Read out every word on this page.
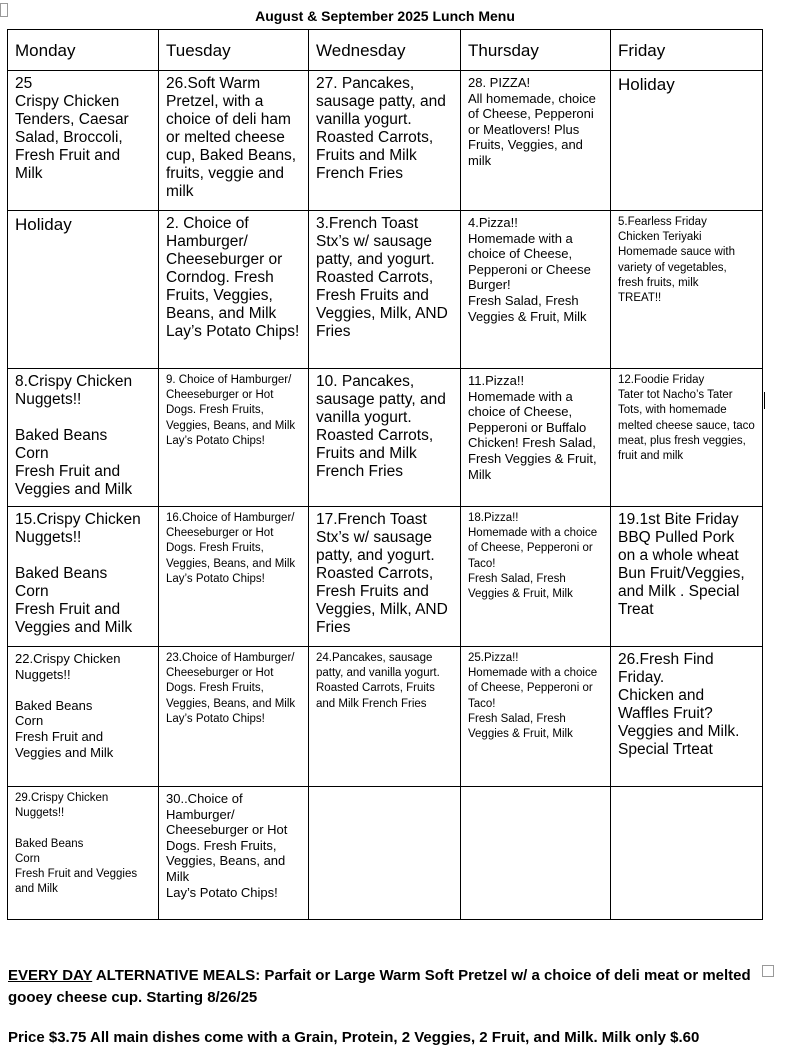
August & September 2025 Lunch Menu
Monday	Tuesday	Wednesday	Thursday	Friday

25
Crispy Chicken Tenders, Caesar Salad, Broccoli, Fresh Fruit and Milk	26.Soft Warm Pretzel, with a choice of deli ham or melted cheese cup, Baked Beans, fruits, veggie and milk	27. Pancakes, sausage patty, and vanilla yogurt. Roasted Carrots, Fruits and Milk French Fries	28. PIZZA!
All homemade, choice of Cheese, Pepperoni or Meatlovers! Plus Fruits, Veggies, and milk	Holiday

Holiday	2. Choice of Hamburger/ Cheeseburger or Corndog. Fresh Fruits, Veggies, Beans, and Milk Lay’s Potato Chips!	3.French Toast Stx’s w/ sausage patty, and yogurt. Roasted Carrots, Fresh Fruits and Veggies, Milk, AND Fries	4.Pizza!!
Homemade with a choice of Cheese, Pepperoni or Cheese Burger!
Fresh Salad, Fresh Veggies & Fruit, Milk	5.Fearless Friday
Chicken Teriyaki Homemade sauce with variety of vegetables, fresh fruits, milk
TREAT!!

8.Crispy Chicken Nuggets!!

Baked Beans
Corn
Fresh Fruit and Veggies and Milk	9. Choice of Hamburger/ Cheeseburger or Hot Dogs. Fresh Fruits, Veggies, Beans, and Milk
Lay’s Potato Chips!	10. Pancakes, sausage patty, and vanilla yogurt. Roasted Carrots, Fruits and Milk French Fries	11.Pizza!!
Homemade with a choice of Cheese, Pepperoni or Buffalo Chicken! Fresh Salad, Fresh Veggies & Fruit, Milk	12.Foodie Friday
Tater tot Nacho’s Tater Tots, with homemade melted cheese sauce, taco meat, plus fresh veggies, fruit and milk

15.Crispy Chicken Nuggets!!

Baked Beans
Corn
Fresh Fruit and Veggies and Milk	16.Choice of Hamburger/ Cheeseburger or Hot Dogs. Fresh Fruits, Veggies, Beans, and Milk
Lay’s Potato Chips!	17.French Toast Stx’s w/ sausage patty, and yogurt. Roasted Carrots, Fresh Fruits and Veggies, Milk, AND Fries	18.Pizza!!
Homemade with a choice of Cheese, Pepperoni or Taco!
Fresh Salad, Fresh Veggies & Fruit, Milk	19.1st Bite Friday BBQ Pulled Pork on a whole wheat Bun Fruit/Veggies, and Milk . Special Treat

22.Crispy Chicken Nuggets!!

Baked Beans
Corn
Fresh Fruit and Veggies and Milk	23.Choice of Hamburger/ Cheeseburger or Hot Dogs. Fresh Fruits, Veggies, Beans, and Milk
Lay’s Potato Chips!	24.Pancakes, sausage patty, and vanilla yogurt. Roasted Carrots, Fruits and Milk French Fries	25.Pizza!!
Homemade with a choice of Cheese, Pepperoni or Taco!
Fresh Salad, Fresh Veggies & Fruit, Milk	26.Fresh Find Friday.
Chicken and Waffles Fruit?Veggies and Milk. Special Trteat

29.Crispy Chicken Nuggets!!

Baked Beans
Corn
Fresh Fruit and Veggies and Milk	30..Choice of Hamburger/ Cheeseburger or Hot Dogs. Fresh Fruits, Veggies, Beans, and Milk
Lay’s Potato Chips!			

EVERY DAY ALTERNATIVE MEALS: Parfait or Large Warm Soft Pretzel w/ a choice of deli meat or melted gooey cheese cup. Starting 8/26/25
Price $3.75 All main dishes come with a Grain, Protein, 2 Veggies, 2 Fruit, and Milk. Milk only $.60
